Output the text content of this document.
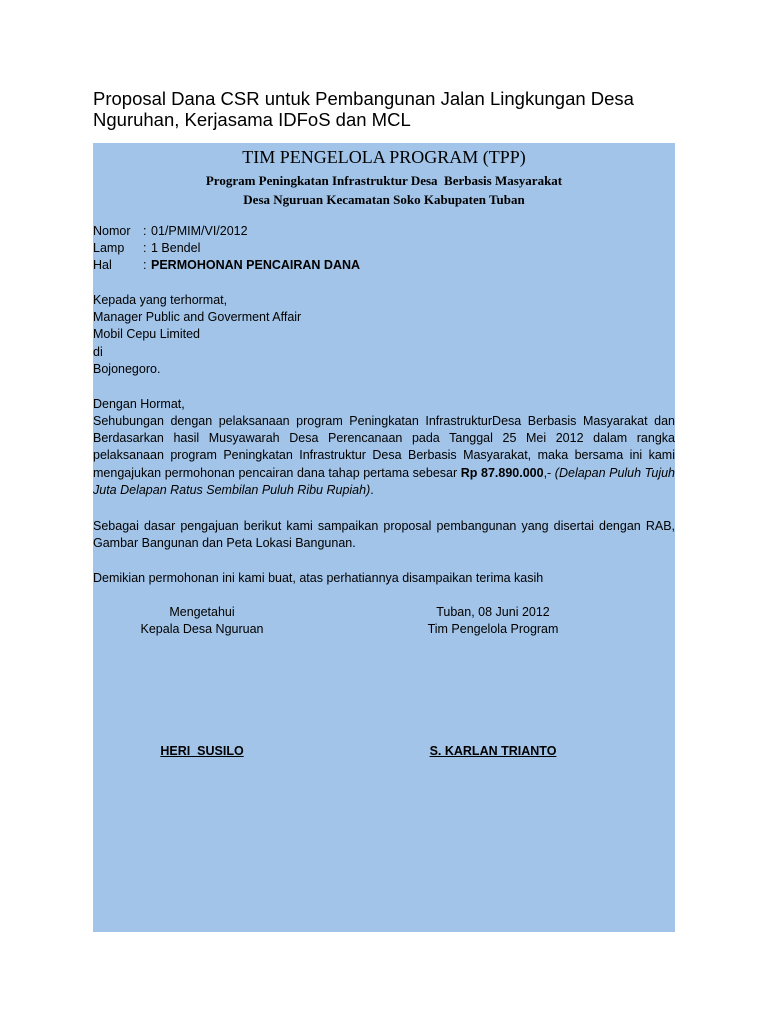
Proposal Dana CSR untuk Pembangunan Jalan Lingkungan Desa Nguruhan, Kerjasama IDFoS dan MCL
TIM PENGELOLA PROGRAM (TPP)
Program Peningkatan Infrastruktur Desa  Berbasis Masyarakat
Desa Nguruan Kecamatan Soko Kabupaten Tuban
Nomor : 01/PMIM/VI/2012
Lamp	: 1 Bendel
Hal	: PERMOHONAN PENCAIRAN DANA
Kepada yang terhormat,
Manager Public and Goverment Affair
Mobil Cepu Limited
di
Bojonegoro.
Dengan Hormat,
Sehubungan dengan pelaksanaan program Peningkatan InfrastrukturDesa Berbasis Masyarakat dan Berdasarkan hasil Musyawarah Desa Perencanaan pada Tanggal 25 Mei 2012 dalam rangka pelaksanaan program Peningkatan Infrastruktur Desa Berbasis Masyarakat, maka bersama ini kami mengajukan permohonan pencairan dana tahap pertama sebesar Rp 87.890.000,- (Delapan Puluh Tujuh Juta Delapan Ratus Sembilan Puluh Ribu Rupiah).
Sebagai dasar pengajuan berikut kami sampaikan proposal pembangunan yang disertai dengan RAB, Gambar Bangunan dan Peta Lokasi Bangunan.
Demikian permohonan ini kami buat, atas perhatiannya disampaikan terima kasih
Mengetahui
Kepala Desa Nguruan
HERI  SUSILO
Tuban, 08 Juni 2012
Tim Pengelola Program
S. KARLAN TRIANTO
